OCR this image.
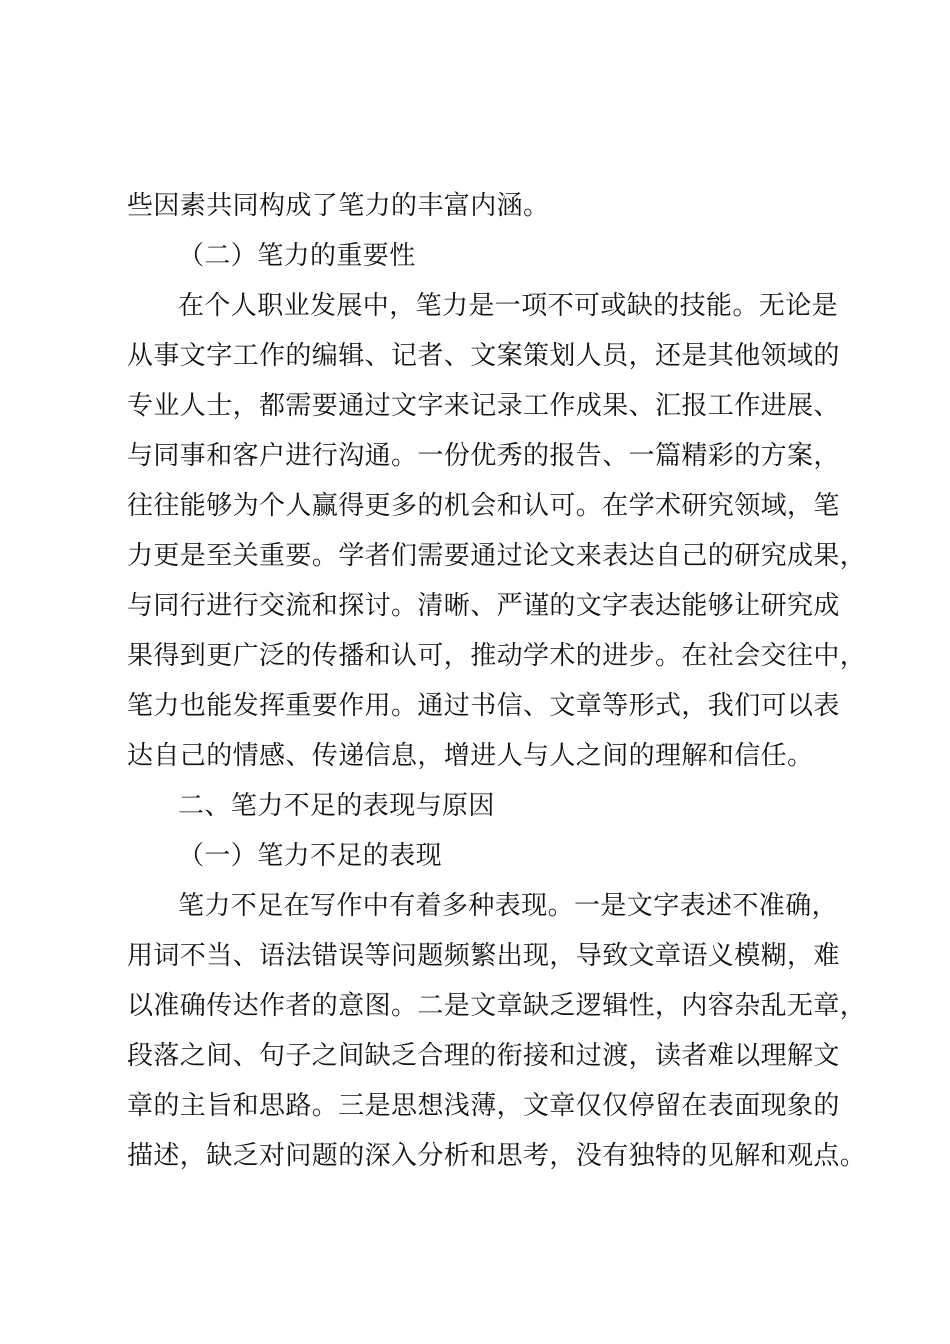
些因素共同构成了笔力的丰富内涵。
（二）笔力的重要性
在个人职业发展中，笔力是一项不可或缺的技能。无论是
从事文字工作的编辑、记者、文案策划人员，还是其他领域的
专业人士，都需要通过文字来记录工作成果、汇报工作进展、
与同事和客户进行沟通。一份优秀的报告、一篇精彩的方案，
往往能够为个人赢得更多的机会和认可。在学术研究领域，笔
力更是至关重要。学者们需要通过论文来表达自己的研究成果，
与同行进行交流和探讨。清晰、严谨的文字表达能够让研究成
果得到更广泛的传播和认可，推动学术的进步。在社会交往中，
笔力也能发挥重要作用。通过书信、文章等形式，我们可以表
达自己的情感、传递信息，增进人与人之间的理解和信任。
二、笔力不足的表现与原因
（一）笔力不足的表现
笔力不足在写作中有着多种表现。一是文字表述不准确，
用词不当、语法错误等问题频繁出现，导致文章语义模糊，难
以准确传达作者的意图。二是文章缺乏逻辑性，内容杂乱无章，
段落之间、句子之间缺乏合理的衔接和过渡，读者难以理解文
章的主旨和思路。三是思想浅薄，文章仅仅停留在表面现象的
描述，缺乏对问题的深入分析和思考，没有独特的见解和观点。
